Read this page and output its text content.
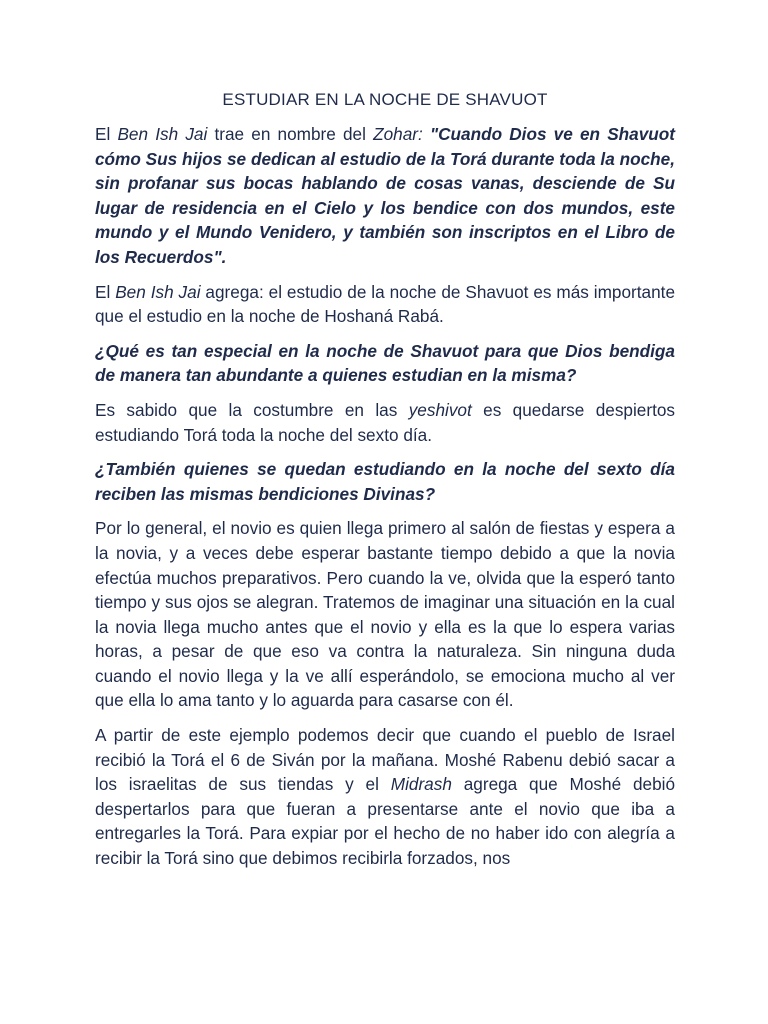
ESTUDIAR EN LA NOCHE DE SHAVUOT

El Ben Ish Jai trae en nombre del Zohar: "Cuando Dios ve en Shavuot cómo Sus hijos se dedican al estudio de la Torá durante toda la noche, sin profanar sus bocas hablando de cosas vanas, desciende de Su lugar de residencia en el Cielo y los bendice con dos mundos, este mundo y el Mundo Venidero, y también son inscriptos en el Libro de los Recuerdos".

El Ben Ish Jai agrega: el estudio de la noche de Shavuot es más importante que el estudio en la noche de Hoshaná Rabá.

¿Qué es tan especial en la noche de Shavuot para que Dios bendiga de manera tan abundante a quienes estudian en la misma?

Es sabido que la costumbre en las yeshivot es quedarse despiertos estudiando Torá toda la noche del sexto día.

¿También quienes se quedan estudiando en la noche del sexto día reciben las mismas bendiciones Divinas?

Por lo general, el novio es quien llega primero al salón de fiestas y espera a la novia, y a veces debe esperar bastante tiempo debido a que la novia efectúa muchos preparativos. Pero cuando la ve, olvida que la esperó tanto tiempo y sus ojos se alegran. Tratemos de imaginar una situación en la cual la novia llega mucho antes que el novio y ella es la que lo espera varias horas, a pesar de que eso va contra la naturaleza. Sin ninguna duda cuando el novio llega y la ve allí esperándolo, se emociona mucho al ver que ella lo ama tanto y lo aguarda para casarse con él.

A partir de este ejemplo podemos decir que cuando el pueblo de Israel recibió la Torá el 6 de Siván por la mañana. Moshé Rabenu debió sacar a los israelitas de sus tiendas y el Midrash agrega que Moshé debió despertarlos para que fueran a presentarse ante el novio que iba a entregarles la Torá. Para expiar por el hecho de no haber ido con alegría a recibir la Torá sino que debimos recibirla forzados, nos
